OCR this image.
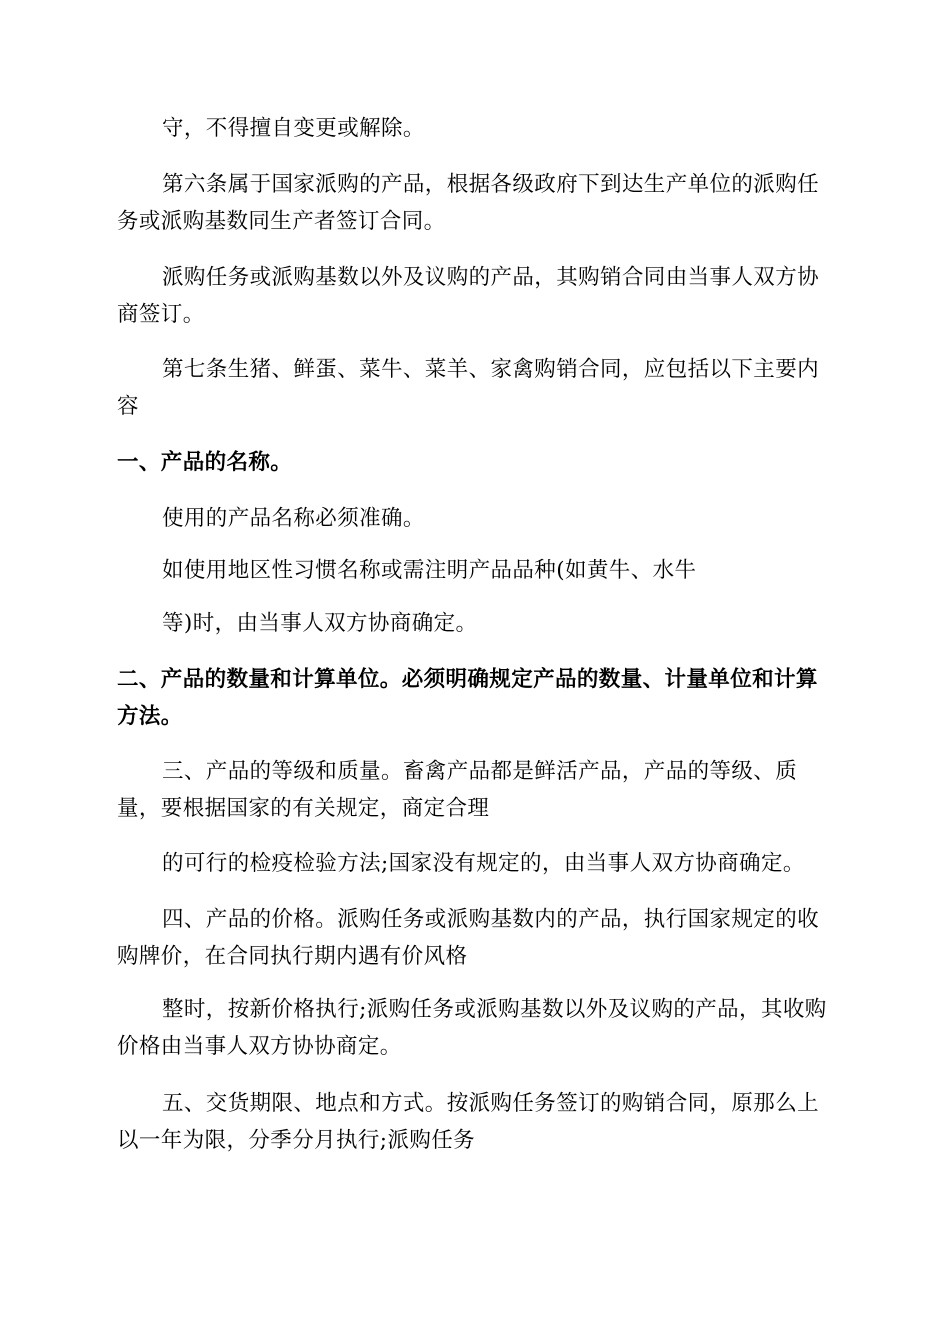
守，不得擅自变更或解除。

第六条属于国家派购的产品，根据各级政府下到达生产单位的派购任务或派购基数同生产者签订合同。

派购任务或派购基数以外及议购的产品，其购销合同由当事人双方协商签订。

第七条生猪、鲜蛋、菜牛、菜羊、家禽购销合同，应包括以下主要内容

一、产品的名称。

使用的产品名称必须准确。

如使用地区性习惯名称或需注明产品品种(如黄牛、水牛

等)时，由当事人双方协商确定。

二、产品的数量和计算单位。必须明确规定产品的数量、计量单位和计算方法。

三、产品的等级和质量。畜禽产品都是鲜活产品，产品的等级、质量，要根据国家的有关规定，商定合理

的可行的检疫检验方法;国家没有规定的，由当事人双方协商确定。

四、产品的价格。派购任务或派购基数内的产品，执行国家规定的收购牌价，在合同执行期内遇有价风格

整时，按新价格执行;派购任务或派购基数以外及议购的产品，其收购价格由当事人双方协协商定。

五、交货期限、地点和方式。按派购任务签订的购销合同，原那么上以一年为限，分季分月执行;派购任务
